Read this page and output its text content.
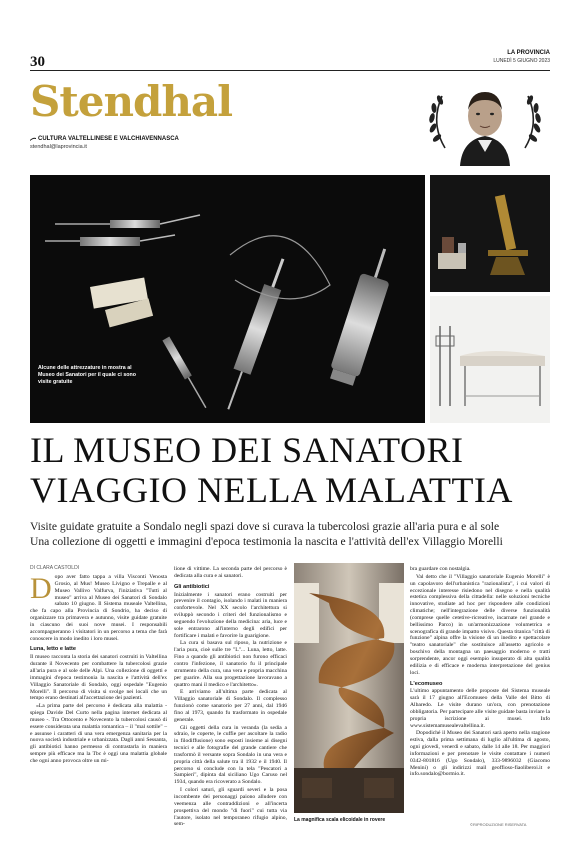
30
LA PROVINCIA
LUNEDÌ 5 GIUGNO 2023
Stendhal
CULTURA VALTELLINESE E VALCHIAVENNASCA
stendhal@laprovincia.it
Alcune delle attrezzature in mostra al Museo dei Sanatori per il quale ci sono visite gratuite
IL MUSEO DEI SANATORI
VIAGGIO NELLA MALATTIA
Visite guidate gratuite a Sondalo negli spazi dove si curava la tubercolosi grazie all'aria pura e al sole
Una collezione di oggetti e immagini d'epoca testimonia la nascita e l'attività dell'ex Villaggio Morelli
DI CLARA CASTOLDI
D opo aver fatto tappa a villa Visconti Venosta Grosio, al Mus! Museo Livigno e Trepalle e al Museo Vallivo Valfurva, l'iniziativa "Tutti al museo" arriva al Museo dei Sanatori di Sondalo sabato 10 giugno. Il Sistema museale Valtellina, che fa capo alla Provincia di Sondrio, ha deciso di organizzare tra primavera e autunno, visite guidate gratuite in ciascuno dei suoi nove musei. I responsabili accompagneranno i visitatori in un percorso a tema che farà conoscere in modo inedito i loro musei.

Luna, letto e latte

Il museo racconta la storia dei sanatori costruiti in Valtellina durante il Novecento per combattere la tubercolosi grazie all'aria pura e al sole delle Alpi. Una collezione di oggetti e immagini d'epoca testimonia la nascita e l'attività dell'ex Villaggio Sanatoriale di Sondalo, oggi ospedale "Eugenio Morelli". Il percorso di visita si svolge nei locali che un tempo erano destinati all'accettazione dei pazienti.

«La prima parte del percorso è dedicata alla malattia - spiega Davide Del Curto nella pagina internet dedicata al museo -. Tra Ottocento e Novecento la tubercolosi causò di essere considerata una malattia romantica – il "mal sottile" – e assunse i caratteri di una vera emergenza sanitaria per la nuova società industriale e urbanizzata. Dagli anni Sessanta, gli antibiotici hanno permesso di contrastarla in maniera sempre più efficace ma la Tbc è oggi una malattia globale che ogni anno provoca oltre un mi-

lione di vittime. La seconda parte del percorso è dedicata alla cura e ai sanatori.

Gli antibiotici

Inizialmente i sanatori erano costruiti per prevenire il contagio, isolando i malati in maniera confortevole. Nel XX secolo l'architettura si sviluppò secondo i criteri del funzionalismo e seguendo l'evoluzione della medicina: aria, luce e sole entrarono all'interno degli edifici per fortificare i malati e favorire la guarigione.

La cura si basava sul riposo, la nutrizione e l'aria pura, cioè sulle tre "L"... Luna, letto, latte. Fino a quando gli antibiotici non furono efficaci contro l'infezione, il sanatorio fu il principale strumento della cura, una vera e propria macchina per guarire. Alla sua progettazione lavoravano a quattro mani il medico e l'architetto».

E arriviamo all'ultima parte dedicata al Villaggio sanatoriale di Sondalo. Il complesso funzionò come sanatorio per 27 anni, dal 1946 fino al 1973, quando fu trasformato in ospedale generale.

Gli oggetti della cura in veranda (la sedia a sdraio, le coperte, le cuffie per ascoltare la radio in filodiffusione) sono esposti insieme ai disegni tecnici e alle fotografie del grande cantiere che trasformò il versante sopra Sondalo in una vera e propria città della salute tra il 1932 e il 1940. Il percorso si conclude con la tela "Pescatori a Sampieri", dipinta dal siciliano Ugo Caruso nel 1934, quando era ricoverato a Sondalo.

I colori saturi, gli sguardi severi e la posa incombente dei personaggi paiono alludere con veemenza alle contraddizioni e all'incerta prospettiva del mondo "di fuori" cui tutta via l'autore, isolato nel temporaneo rifugio alpino, sem-

La magnifica scala elicoidale in rovere

bra guardare con nostalgia.

Val detto che il "Villaggio sanatoriale Eugenio Morelli" è un capolavoro dell'urbanistica "razionalista", i cui valori di eccezionale interesse risiedono nel disegno e nella qualità estetica complessiva della cittadella: nelle soluzioni tecniche innovative, studiate ad hoc per rispondere alle condizioni climatiche; nell'integrazione delle diverse funzionalità (comprese quelle cetetive-ricreative, incarnate nel grande e bellissimo Parco) in un'armonizzazione volumetrica e scenografica di grande impatto visivo. Questa titanica "città di funzione" alpina offre la visione di un inedito e spettacolare "teatro sanatoriale" che sostituisce all'assetto agricolo e boschivo della montagna un paesaggio moderno e tratti sorprendente, ancor oggi esempio insuperato di alta qualità edilizia e di efficace e moderna interpretazione del genius loci.

L'ecomuseo

L'ultimo appuntamento delle proposte del Sistema museale sarà il 17 giugno all'Ecomuseo della Valle del Bitto di Albaredo. Le visite durano un'ora, con prenotazione obbligatoria. Per partecipare alle visite guidate basta inviare la propria iscrizione ai musei. Info www.sistemamusealevaltellina.it.

Dopodiché il Museo dei Sanatori sarà aperto nella stagione estiva, dalla prima settimana di luglio all'ultima di agosto, ogni giovedì, venerdì e sabato, dalle 14 alle 18. Per maggiori informazioni e per prenotare le visite contattare i numeri 0342-801816 (Ugo Sondalo), 333-9896032 (Giacomo Menini) o gli indirizzi mail geoffioso-fiaoliberoi.it e info.sondalo@bormio.it.

©RIPRODUZIONE RISERVATA
